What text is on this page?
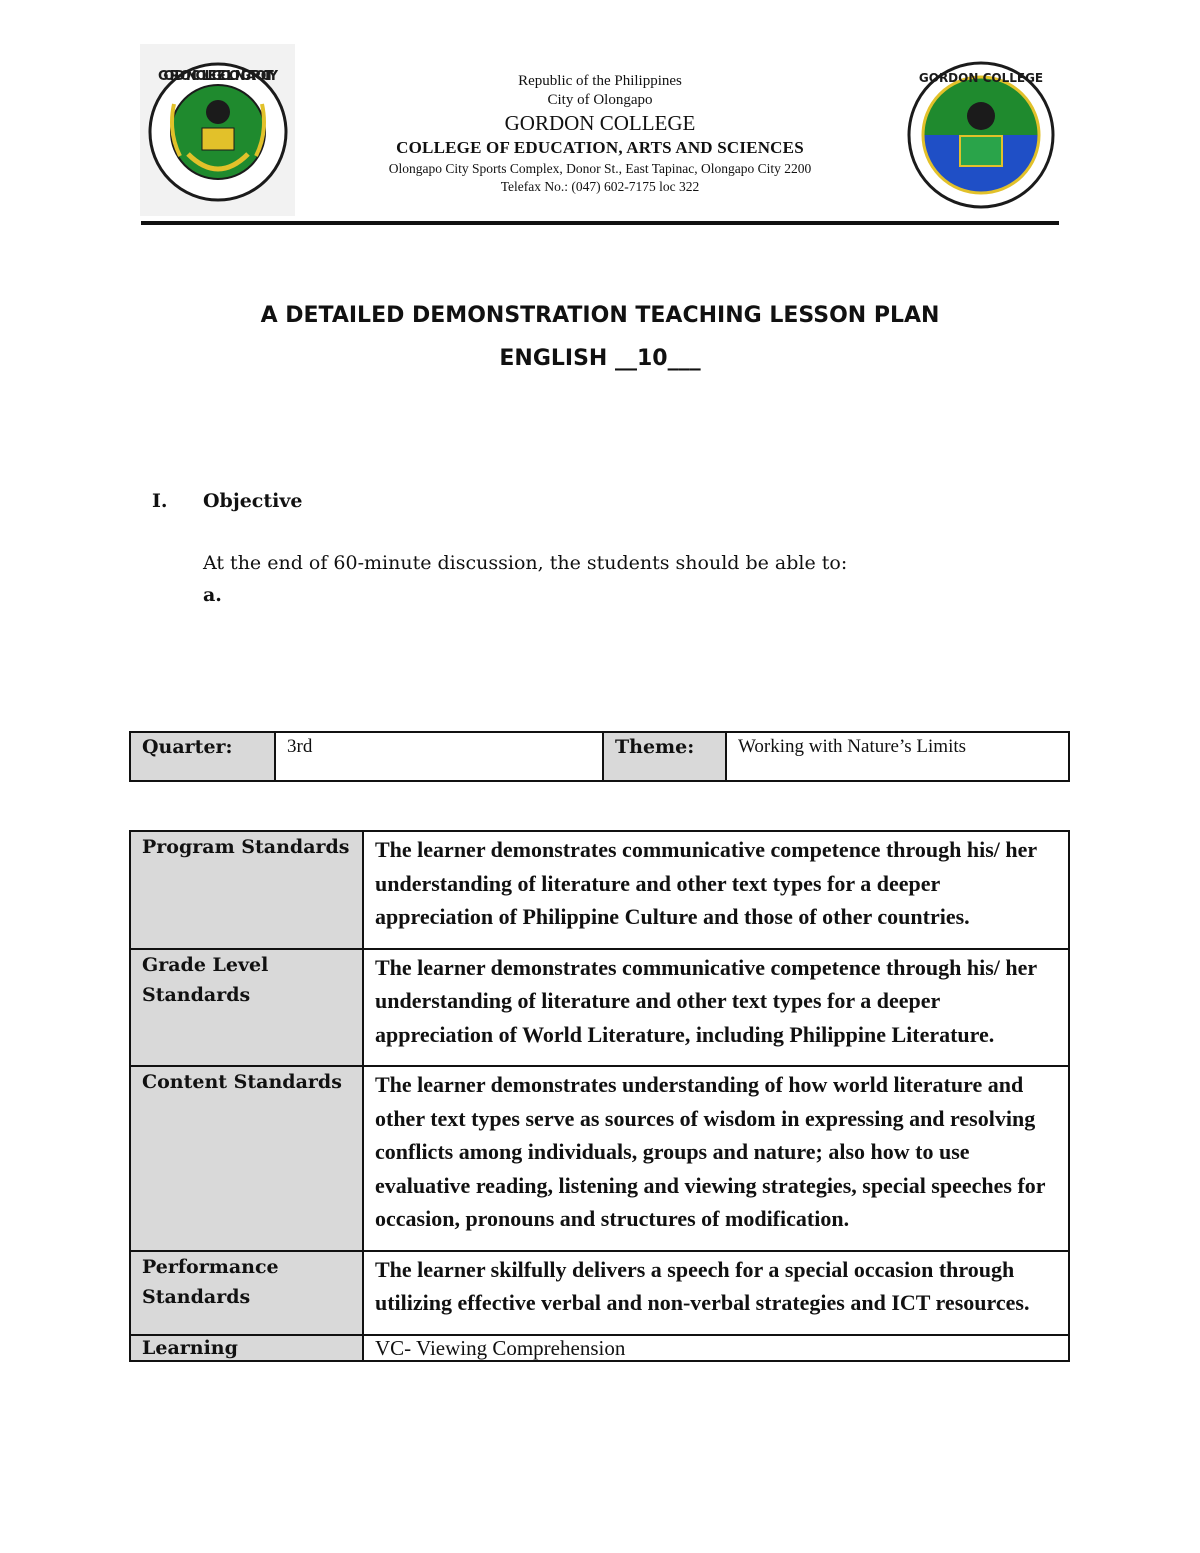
GORDON COLLEGE OLONGAPO CITY	Republic of the Philippines
City of Olongapo
GORDON COLLEGE
COLLEGE OF EDUCATION, ARTS AND SCIENCES
Olongapo City Sports Complex, Donor St., East Tapinac, Olongapo City 2200
Telefax No.: (047) 602-7175 loc 322
GORDON COLLEGE
A DETAILED DEMONSTRATION TEACHING LESSON PLAN
ENGLISH __10___
I. Objective
At the end of 60-minute discussion, the students should be able to:
a.
Quarter:	3rd	Theme:	Working with Nature’s Limits
Program Standards	The learner demonstrates communicative competence through his/ her understanding of literature and other text types for a deeper appreciation of Philippine Culture and those of other countries.
Grade Level Standards	The learner demonstrates communicative competence through his/ her understanding of literature and other text types for a deeper appreciation of World Literature, including Philippine Literature.
Content Standards	The learner demonstrates understanding of how world literature and other text types serve as sources of wisdom in expressing and resolving conflicts among individuals, groups and nature; also how to use evaluative reading, listening and viewing strategies, special speeches for occasion, pronouns and structures of modification.
Performance Standards	The learner skilfully delivers a speech for a special occasion through utilizing effective verbal and non-verbal strategies and ICT resources.
Learning	VC- Viewing Comprehension
